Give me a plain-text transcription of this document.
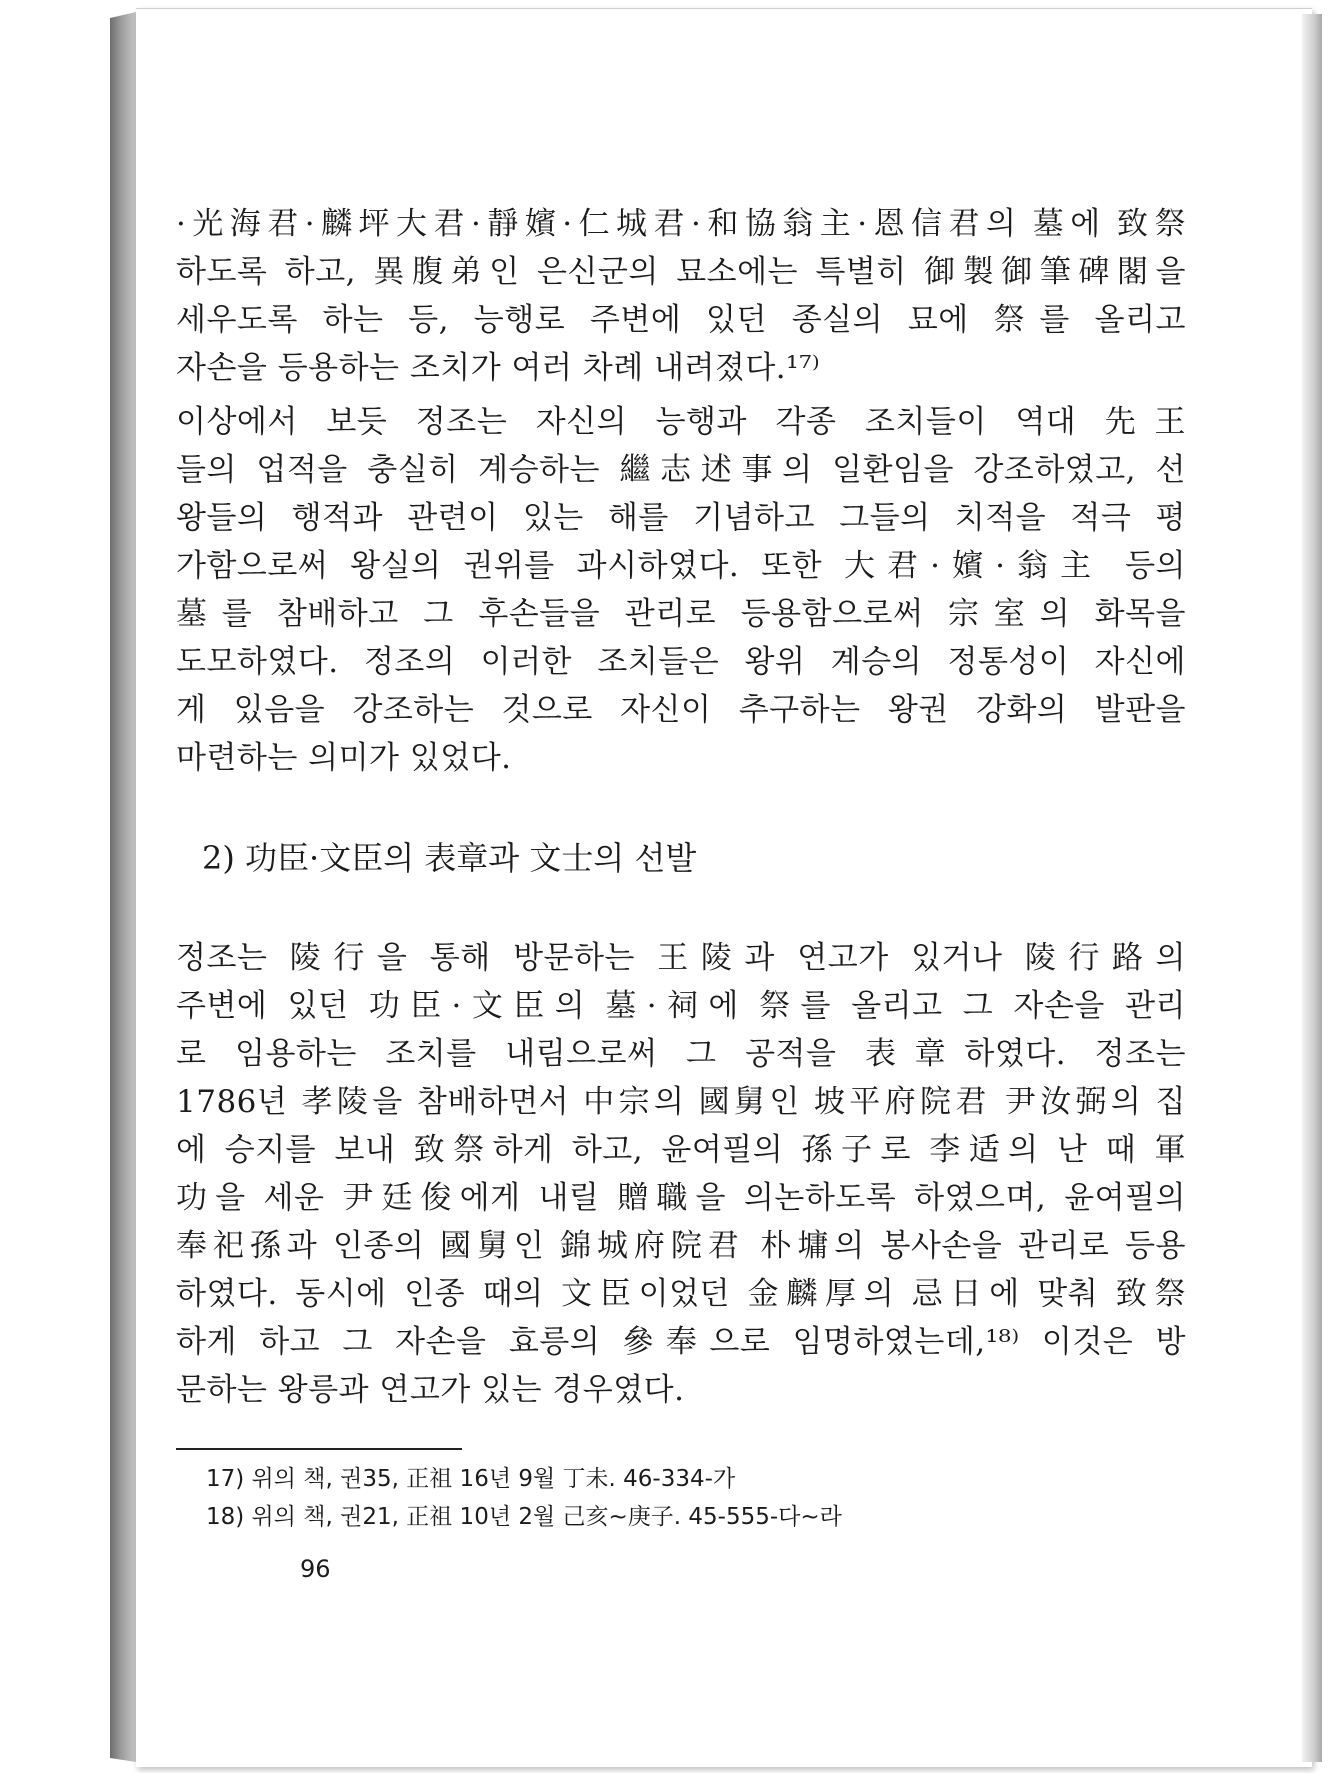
·光海君·麟坪大君·靜嬪·仁城君·和協翁主·恩信君의 墓에 致祭

하도록 하고, 異腹弟인 은신군의 묘소에는 특별히 御製御筆碑閣을

세우도록 하는 등, 능행로 주변에 있던 종실의 묘에 祭를 올리고

자손을 등용하는 조치가 여러 차례 내려졌다.¹⁷⁾

이상에서 보듯 정조는 자신의 능행과 각종 조치들이 역대 先王

들의 업적을 충실히 계승하는 繼志述事의 일환임을 강조하였고, 선

왕들의 행적과 관련이 있는 해를 기념하고 그들의 치적을 적극 평

가함으로써 왕실의 권위를 과시하였다. 또한 大君·嬪·翁主 등의

墓를 참배하고 그 후손들을 관리로 등용함으로써 宗室의 화목을

도모하였다. 정조의 이러한 조치들은 왕위 계승의 정통성이 자신에

게 있음을 강조하는 것으로 자신이 추구하는 왕권 강화의 발판을

마련하는 의미가 있었다.

2) 功臣·文臣의 表章과 文士의 선발

정조는 陵行을 통해 방문하는 王陵과 연고가 있거나 陵行路의

주변에 있던 功臣·文臣의 墓·祠에 祭를 올리고 그 자손을 관리

로 임용하는 조치를 내림으로써 그 공적을 表章하였다. 정조는

1786년 孝陵을 참배하면서 中宗의 國舅인 坡平府院君 尹汝弼의 집

에 승지를 보내 致祭하게 하고, 윤여필의 孫子로 李适의 난 때 軍

功을 세운 尹廷俊에게 내릴 贈職을 의논하도록 하였으며, 윤여필의

奉祀孫과 인종의 國舅인 錦城府院君 朴墉의 봉사손을 관리로 등용

하였다. 동시에 인종 때의 文臣이었던 金麟厚의 忌日에 맞춰 致祭

하게 하고 그 자손을 효릉의 參奉으로 임명하였는데,¹⁸⁾ 이것은 방

문하는 왕릉과 연고가 있는 경우였다.

17) 위의 책, 권35, 正祖 16년 9월 丁未. 46-334-가
18) 위의 책, 권21, 正祖 10년 2월 己亥~庚子. 45-555-다~라
96
